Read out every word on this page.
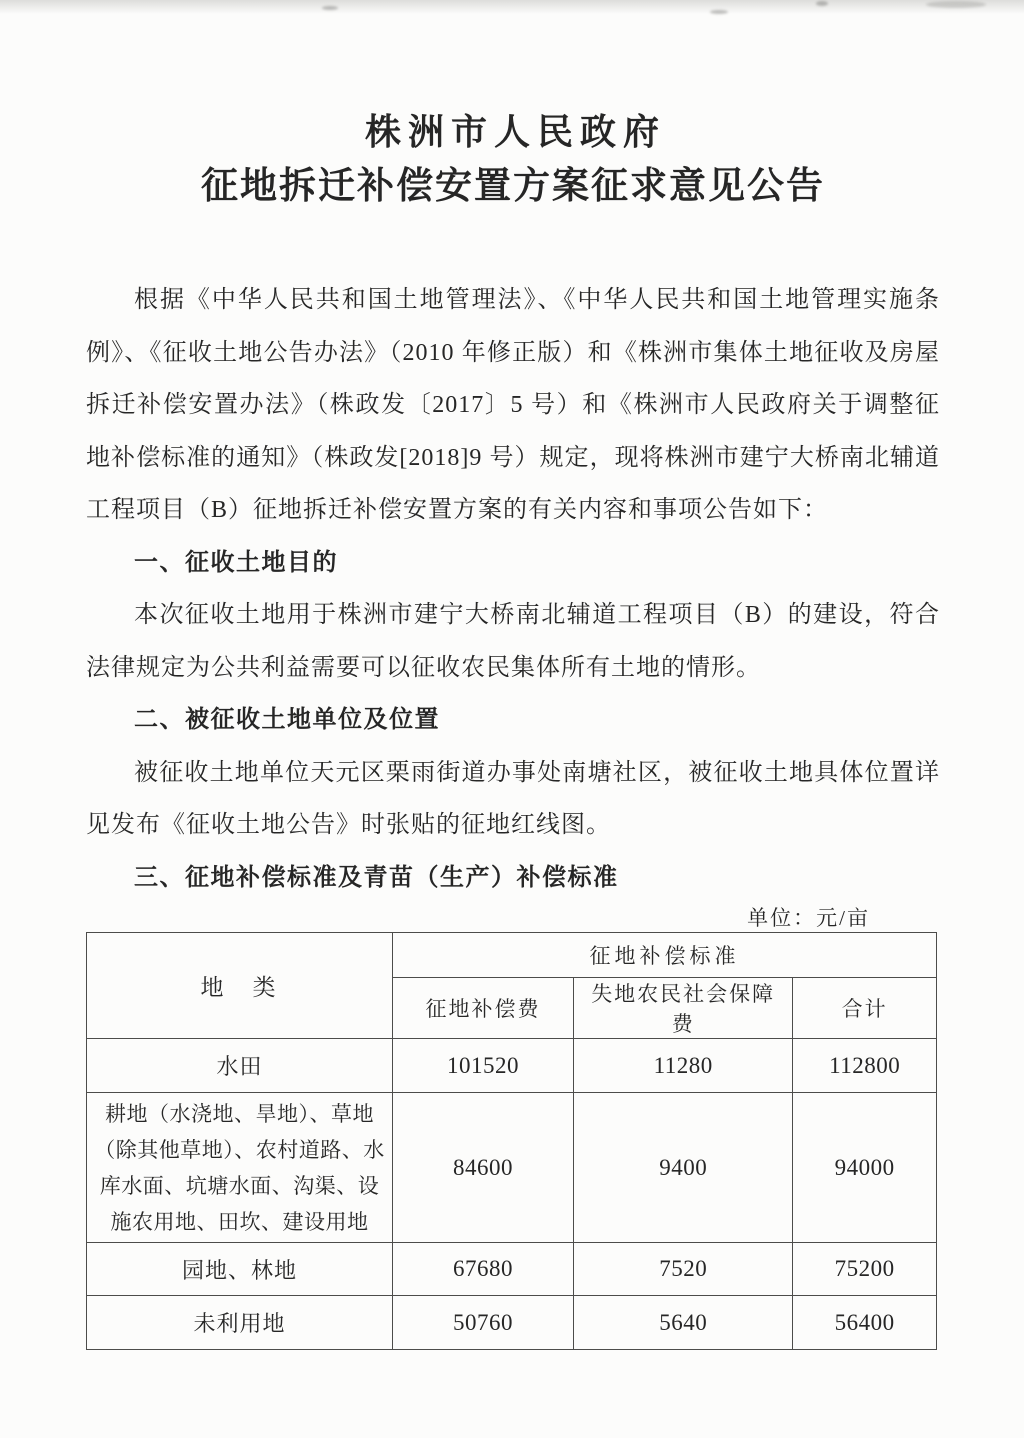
株洲市人民政府
征地拆迁补偿安置方案征求意见公告

根据《中华人民共和国土地管理法》、《中华人民共和国土地管理实施条例》、《征收土地公告办法》（2010 年修正版）和《株洲市集体土地征收及房屋拆迁补偿安置办法》（株政发〔2017〕5 号）和《株洲市人民政府关于调整征地补偿标准的通知》（株政发[2018]9 号）规定，现将株洲市建宁大桥南北辅道工程项目（B）征地拆迁补偿安置方案的有关内容和事项公告如下：

一、征收土地目的

本次征收土地用于株洲市建宁大桥南北辅道工程项目（B）的建设，符合法律规定为公共利益需要可以征收农民集体所有土地的情形。

二、被征收土地单位及位置

被征收土地单位天元区栗雨街道办事处南塘社区，被征收土地具体位置详见发布《征收土地公告》时张贴的征地红线图。

三、征地补偿标准及青苗（生产）补偿标准
单位：元/亩
地　类	征地补偿标准		
	征地补偿费	失地农民社会保障费	合计
水田	101520	11280	112800
耕地（水浇地、旱地）、草地（除其他草地）、农村道路、水库水面、坑塘水面、沟渠、设施农用地、田坎、建设用地	84600	9400	94000
园地、林地	67680	7520	75200
未利用地	50760	5640	56400
